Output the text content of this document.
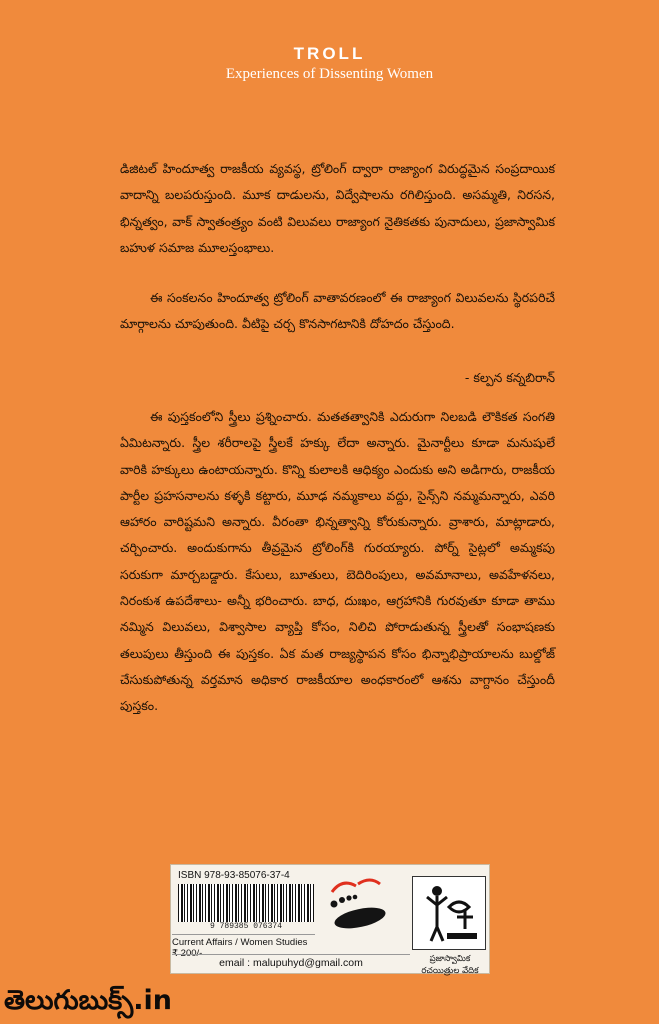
TROLL
Experiences of Dissenting Women
డిజిటల్ హిందూత్వ రాజకీయ వ్యవస్థ, ట్రోలింగ్ ద్వారా రాజ్యాంగ విరుద్ధమైన సంప్రదాయిక వాదాన్ని బలపరుస్తుంది. మూక దాడులను, విద్వేషాలను రగిలిస్తుంది. అసమ్మతి, నిరసన, భిన్నత్వం, వాక్ స్వాతంత్ర్యం వంటి విలువలు రాజ్యాంగ నైతికతకు పునాదులు, ప్రజాస్వామిక బహుళ సమాజ మూలస్తంభాలు.
ఈ సంకలనం హిందూత్వ ట్రోలింగ్ వాతావరణంలో ఈ రాజ్యాంగ విలువలను స్థిరపరిచే మార్గాలను చూపుతుంది. వీటిపై చర్చ కొనసాగటానికి దోహదం చేస్తుంది.
- కల్పన కన్నబిరాన్
ఈ పుస్తకంలోని స్త్రీలు ప్రశ్నించారు. మతతత్వానికి ఎదురుగా నిలబడి లౌకికత సంగతి ఏమిటన్నారు. స్త్రీల శరీరాలపై స్త్రీలకే హక్కు లేదా అన్నారు. మైనార్టీలు కూడా మనుషులే వారికి హక్కులు ఉంటాయన్నారు. కొన్ని కులాలకి ఆధిక్యం ఎందుకు అని అడిగారు, రాజకీయ పార్టీల ప్రహసనాలను కళ్ళకి కట్టారు, మూఢ నమ్మకాలు వద్దు, సైన్స్‌ని నమ్మమన్నారు, ఎవరి ఆహారం వారిష్టమని అన్నారు. వీరంతా భిన్నత్వాన్ని కోరుకున్నారు. వ్రాశారు, మాట్లాడారు, చర్చించారు. అందుకుగాను తీవ్రమైన ట్రోలింగ్‌కి గురయ్యారు. పోర్న్ సైట్లలో అమ్మకపు సరుకుగా మార్చబడ్డారు. కేసులు, బూతులు, బెదిరింపులు, అవమానాలు, అవహేళనలు, నిరంకుశ ఉపదేశాలు- అన్నీ భరించారు. బాధ, దుఃఖం, ఆగ్రహానికి గురవుతూ కూడా తాము నమ్మిన విలువలు, విశ్వాసాల వ్యాప్తి కోసం, నిలిచి పోరాడుతున్న స్త్రీలతో సంభాషణకు తలుపులు తీస్తుంది ఈ పుస్తకం. ఏక మత రాజ్యస్థాపన కోసం భిన్నాభిప్రాయాలను బుల్డోజ్ చేసుకుపోతున్న వర్తమాన అధికార రాజకీయాల అంధకారంలో ఆశను వాగ్దానం చేస్తుందీ పుస్తకం.
ISBN 978-93-85076-37-4
9 789385 076374
Current Affairs / Women Studies ₹ 200/-
email : malupuhyd@gmail.com	ప్రజాస్వామిక రచయిత్రుల వేదిక
తెలుగుబుక్స్.in
